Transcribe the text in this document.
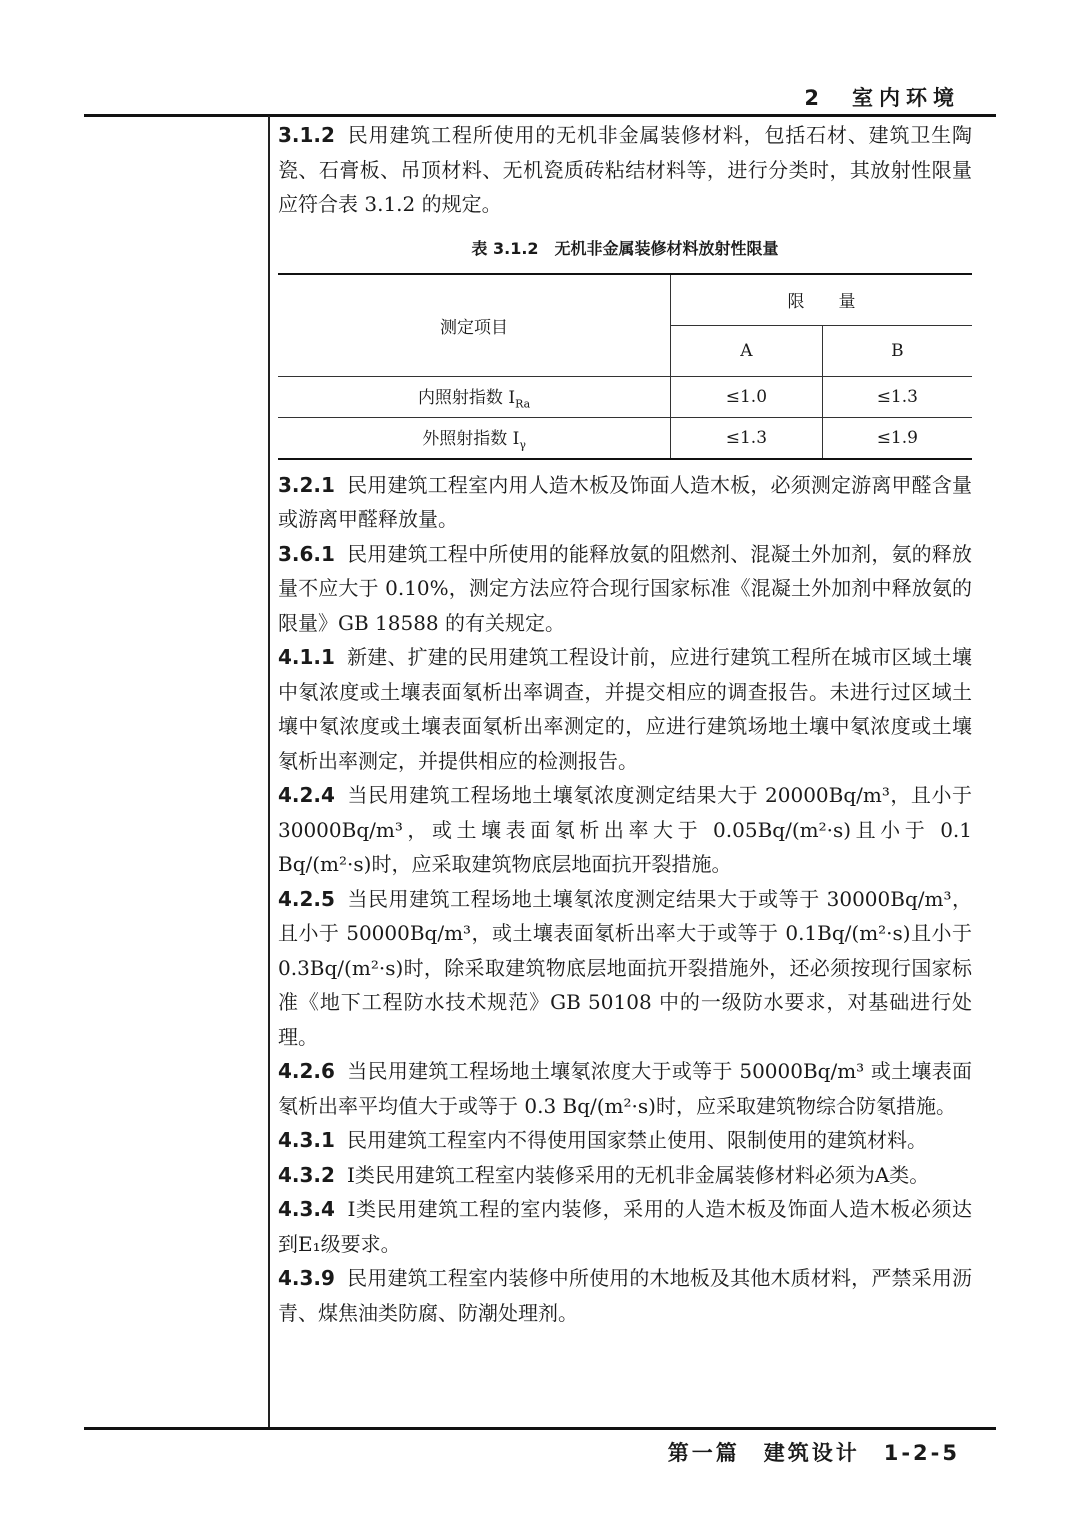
2　室内环境

3.1.2 民用建筑工程所使用的无机非金属装修材料，包括石材、建筑卫生陶瓷、石膏板、吊顶材料、无机瓷质砖粘结材料等，进行分类时，其放射性限量应符合表 3.1.2 的规定。

表 3.1.2　无机非金属装修材料放射性限量
测定项目	限　　量	
	A	B
内照射指数 $I_{Ra}$	≤1.0	≤1.3
外照射指数 $I_\gamma$	≤1.3	≤1.9

3.2.1 民用建筑工程室内用人造木板及饰面人造木板，必须测定游离甲醛含量或游离甲醛释放量。

3.6.1 民用建筑工程中所使用的能释放氨的阻燃剂、混凝土外加剂，氨的释放量不应大于 0.10%，测定方法应符合现行国家标准《混凝土外加剂中释放氨的限量》GB 18588 的有关规定。

4.1.1 新建、扩建的民用建筑工程设计前，应进行建筑工程所在城市区域土壤中氡浓度或土壤表面氡析出率调查，并提交相应的调查报告。未进行过区域土壤中氡浓度或土壤表面氡析出率测定的，应进行建筑场地土壤中氡浓度或土壤氡析出率测定，并提供相应的检测报告。

4.2.4 当民用建筑工程场地土壤氡浓度测定结果大于 20000Bq/m³，且小于 30000Bq/m³，或土壤表面氡析出率大于 0.05Bq/(m²·s)且小于 0.1 Bq/(m²·s)时，应采取建筑物底层地面抗开裂措施。

4.2.5 当民用建筑工程场地土壤氡浓度测定结果大于或等于 30000Bq/m³，且小于 50000Bq/m³，或土壤表面氡析出率大于或等于 0.1Bq/(m²·s)且小于 0.3Bq/(m²·s)时，除采取建筑物底层地面抗开裂措施外，还必须按现行国家标准《地下工程防水技术规范》GB 50108 中的一级防水要求，对基础进行处理。

4.2.6 当民用建筑工程场地土壤氡浓度大于或等于 50000Bq/m³ 或土壤表面氡析出率平均值大于或等于 0.3 Bq/(m²·s)时，应采取建筑物综合防氡措施。

4.3.1 民用建筑工程室内不得使用国家禁止使用、限制使用的建筑材料。

4.3.2 Ⅰ类民用建筑工程室内装修采用的无机非金属装修材料必须为A类。

4.3.4 Ⅰ类民用建筑工程的室内装修，采用的人造木板及饰面人造木板必须达到E₁级要求。

4.3.9 民用建筑工程室内装修中所使用的木地板及其他木质材料，严禁采用沥青、煤焦油类防腐、防潮处理剂。

第一篇　建筑设计　1-2-5
